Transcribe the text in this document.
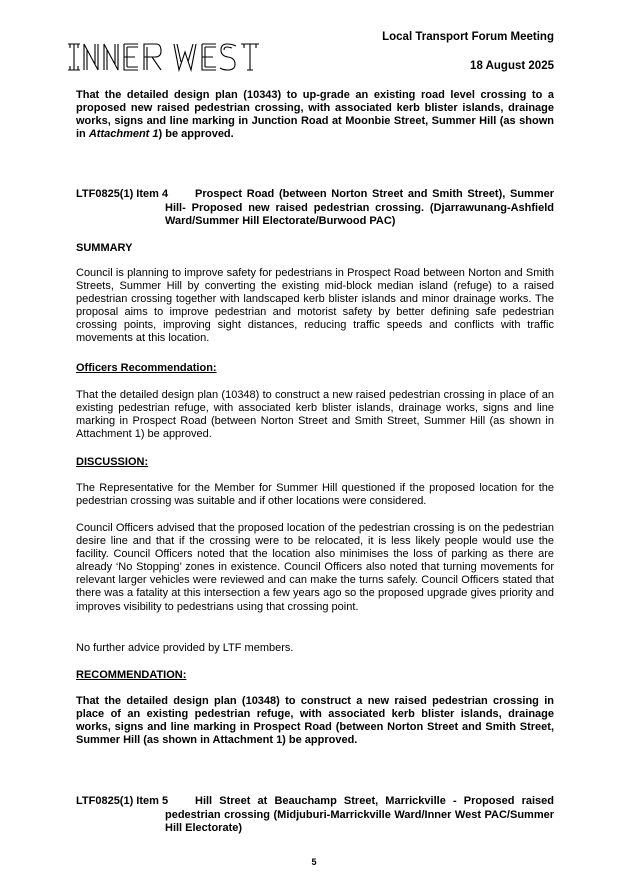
Local Transport Forum Meeting
18 August 2025

That the detailed design plan (10343) to up-grade an existing road level crossing to a proposed new raised pedestrian crossing, with associated kerb blister islands, drainage works, signs and line marking in Junction Road at Moonbie Street, Summer Hill (as shown in Attachment 1) be approved.

LTF0825(1) Item 4	Prospect Road (between Norton Street and Smith Street), Summer Hill- Proposed new raised pedestrian crossing. (Djarrawunang-Ashfield Ward/Summer Hill Electorate/Burwood PAC)
SUMMARY

Council is planning to improve safety for pedestrians in Prospect Road between Norton and Smith Streets, Summer Hill by converting the existing mid-block median island (refuge) to a raised pedestrian crossing together with landscaped kerb blister islands and minor drainage works. The proposal aims to improve pedestrian and motorist safety by better defining safe pedestrian crossing points, improving sight distances, reducing traffic speeds and conflicts with traffic movements at this location.

Officers Recommendation:

That the detailed design plan (10348) to construct a new raised pedestrian crossing in place of an existing pedestrian refuge, with associated kerb blister islands, drainage works, signs and line marking in Prospect Road (between Norton Street and Smith Street, Summer Hill (as shown in Attachment 1) be approved.

DISCUSSION:

The Representative for the Member for Summer Hill questioned if the proposed location for the pedestrian crossing was suitable and if other locations were considered.

Council Officers advised that the proposed location of the pedestrian crossing is on the pedestrian desire line and that if the crossing were to be relocated, it is less likely people would use the facility. Council Officers noted that the location also minimises the loss of parking as there are already ‘No Stopping’ zones in existence. Council Officers also noted that turning movements for relevant larger vehicles were reviewed and can make the turns safely. Council Officers stated that there was a fatality at this intersection a few years ago so the proposed upgrade gives priority and improves visibility to pedestrians using that crossing point.

No further advice provided by LTF members.

RECOMMENDATION:

That the detailed design plan (10348) to construct a new raised pedestrian crossing in place of an existing pedestrian refuge, with associated kerb blister islands, drainage works, signs and line marking in Prospect Road (between Norton Street and Smith Street, Summer Hill (as shown in Attachment 1) be approved.

LTF0825(1) Item 5	Hill Street at Beauchamp Street, Marrickville - Proposed raised pedestrian crossing (Midjuburi-Marrickville Ward/Inner West PAC/Summer Hill Electorate)
5
